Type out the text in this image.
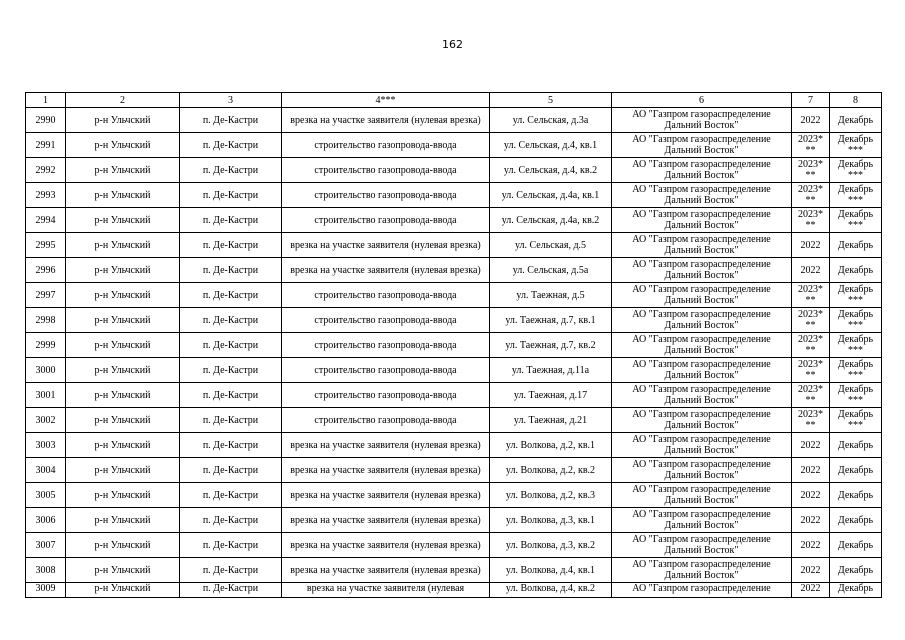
162
1	2	3	4***	5	6	7	8
2990	р-н Ульчский	п. Де-Кастри	врезка на участке заявителя (нулевая врезка)	ул. Сельская, д.3а	АО "Газпром газораспределение Дальний Восток"	2022	Декабрь
2991	р-н Ульчский	п. Де-Кастри	строительство газопровода-ввода	ул. Сельская, д.4, кв.1	АО "Газпром газораспределение Дальний Восток"	2023* **	Декабрь ***
2992	р-н Ульчский	п. Де-Кастри	строительство газопровода-ввода	ул. Сельская, д.4, кв.2	АО "Газпром газораспределение Дальний Восток"	2023* **	Декабрь ***
2993	р-н Ульчский	п. Де-Кастри	строительство газопровода-ввода	ул. Сельская, д.4а, кв.1	АО "Газпром газораспределение Дальний Восток"	2023* **	Декабрь ***
2994	р-н Ульчский	п. Де-Кастри	строительство газопровода-ввода	ул. Сельская, д.4а, кв.2	АО "Газпром газораспределение Дальний Восток"	2023* **	Декабрь ***
2995	р-н Ульчский	п. Де-Кастри	врезка на участке заявителя (нулевая врезка)	ул. Сельская, д.5	АО "Газпром газораспределение Дальний Восток"	2022	Декабрь
2996	р-н Ульчский	п. Де-Кастри	врезка на участке заявителя (нулевая врезка)	ул. Сельская, д.5а	АО "Газпром газораспределение Дальний Восток"	2022	Декабрь
2997	р-н Ульчский	п. Де-Кастри	строительство газопровода-ввода	ул. Таежная, д.5	АО "Газпром газораспределение Дальний Восток"	2023* **	Декабрь ***
2998	р-н Ульчский	п. Де-Кастри	строительство газопровода-ввода	ул. Таежная, д.7, кв.1	АО "Газпром газораспределение Дальний Восток"	2023* **	Декабрь ***
2999	р-н Ульчский	п. Де-Кастри	строительство газопровода-ввода	ул. Таежная, д.7, кв.2	АО "Газпром газораспределение Дальний Восток"	2023* **	Декабрь ***
3000	р-н Ульчский	п. Де-Кастри	строительство газопровода-ввода	ул. Таежная, д.11а	АО "Газпром газораспределение Дальний Восток"	2023* **	Декабрь ***
3001	р-н Ульчский	п. Де-Кастри	строительство газопровода-ввода	ул. Таежная, д.17	АО "Газпром газораспределение Дальний Восток"	2023* **	Декабрь ***
3002	р-н Ульчский	п. Де-Кастри	строительство газопровода-ввода	ул. Таежная, д.21	АО "Газпром газораспределение Дальний Восток"	2023* **	Декабрь ***
3003	р-н Ульчский	п. Де-Кастри	врезка на участке заявителя (нулевая врезка)	ул. Волкова, д.2, кв.1	АО "Газпром газораспределение Дальний Восток"	2022	Декабрь
3004	р-н Ульчский	п. Де-Кастри	врезка на участке заявителя (нулевая врезка)	ул. Волкова, д.2, кв.2	АО "Газпром газораспределение Дальний Восток"	2022	Декабрь
3005	р-н Ульчский	п. Де-Кастри	врезка на участке заявителя (нулевая врезка)	ул. Волкова, д.2, кв.3	АО "Газпром газораспределение Дальний Восток"	2022	Декабрь
3006	р-н Ульчский	п. Де-Кастри	врезка на участке заявителя (нулевая врезка)	ул. Волкова, д.3, кв.1	АО "Газпром газораспределение Дальний Восток"	2022	Декабрь
3007	р-н Ульчский	п. Де-Кастри	врезка на участке заявителя (нулевая врезка)	ул. Волкова, д.3, кв.2	АО "Газпром газораспределение Дальний Восток"	2022	Декабрь
3008	р-н Ульчский	п. Де-Кастри	врезка на участке заявителя (нулевая врезка)	ул. Волкова, д.4, кв.1	АО "Газпром газораспределение Дальний Восток"	2022	Декабрь
3009	р-н Ульчский	п. Де-Кастри	врезка на участке заявителя (нулевая	ул. Волкова, д.4, кв.2	АО "Газпром газораспределение	2022	Декабрь
